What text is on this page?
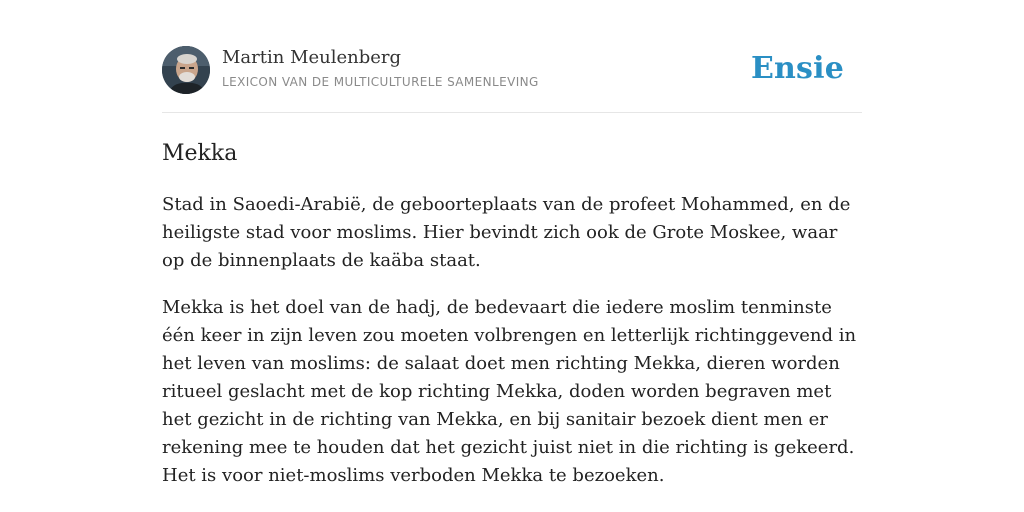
Martin Meulenberg
LEXICON VAN DE MULTICULTURELE SAMENLEVING	Ensie
Mekka

Stad in Saoedi-Arabië, de geboorteplaats van de profeet Mohammed, en de heiligste stad voor moslims. Hier bevindt zich ook de Grote Moskee, waar op de binnenplaats de kaäba staat.

Mekka is het doel van de hadj, de bedevaart die iedere moslim tenminste één keer in zijn leven zou moeten volbrengen en letterlijk richtinggevend in het leven van moslims: de salaat doet men richting Mekka, dieren worden ritueel geslacht met de kop richting Mekka, doden worden begraven met het gezicht in de richting van Mekka, en bij sanitair bezoek dient men er rekening mee te houden dat het gezicht juist niet in die richting is gekeerd. Het is voor niet-moslims verboden Mekka te bezoeken.
